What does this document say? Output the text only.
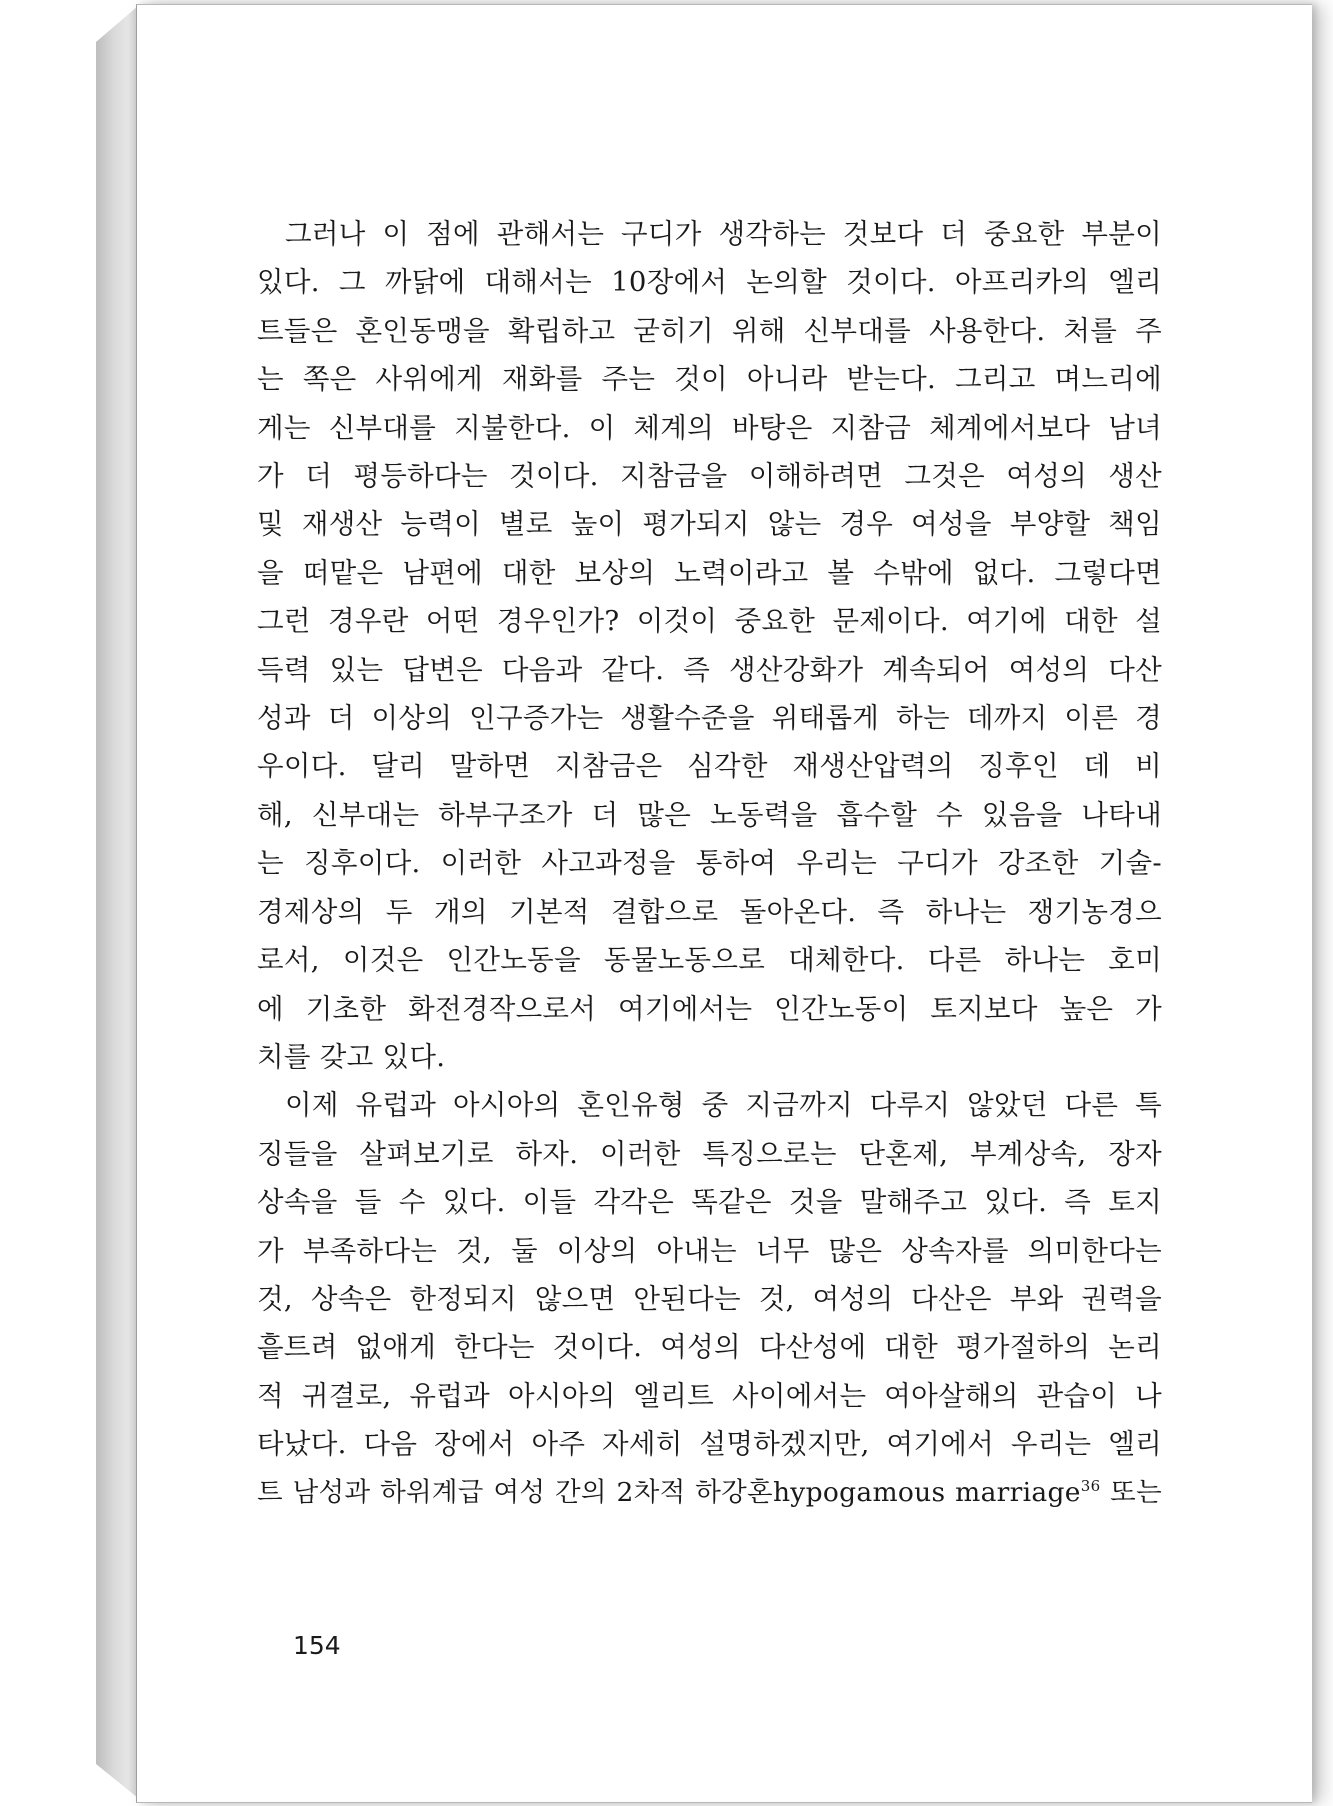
그러나 이 점에 관해서는 구디가 생각하는 것보다 더 중요한 부분이
있다. 그 까닭에 대해서는 10장에서 논의할 것이다. 아프리카의 엘리
트들은 혼인동맹을 확립하고 굳히기 위해 신부대를 사용한다. 처를 주
는 쪽은 사위에게 재화를 주는 것이 아니라 받는다. 그리고 며느리에
게는 신부대를 지불한다. 이 체계의 바탕은 지참금 체계에서보다 남녀
가 더 평등하다는 것이다. 지참금을 이해하려면 그것은 여성의 생산
및 재생산 능력이 별로 높이 평가되지 않는 경우 여성을 부양할 책임
을 떠맡은 남편에 대한 보상의 노력이라고 볼 수밖에 없다. 그렇다면
그런 경우란 어떤 경우인가? 이것이 중요한 문제이다. 여기에 대한 설
득력 있는 답변은 다음과 같다. 즉 생산강화가 계속되어 여성의 다산
성과 더 이상의 인구증가는 생활수준을 위태롭게 하는 데까지 이른 경
우이다. 달리 말하면 지참금은 심각한 재생산압력의 징후인 데 비
해, 신부대는 하부구조가 더 많은 노동력을 흡수할 수 있음을 나타내
는 징후이다. 이러한 사고과정을 통하여 우리는 구디가 강조한 기술-
경제상의 두 개의 기본적 결합으로 돌아온다. 즉 하나는 쟁기농경으
로서, 이것은 인간노동을 동물노동으로 대체한다. 다른 하나는 호미
에 기초한 화전경작으로서 여기에서는 인간노동이 토지보다 높은 가
치를 갖고 있다.

이제 유럽과 아시아의 혼인유형 중 지금까지 다루지 않았던 다른 특
징들을 살펴보기로 하자. 이러한 특징으로는 단혼제, 부계상속, 장자
상속을 들 수 있다. 이들 각각은 똑같은 것을 말해주고 있다. 즉 토지
가 부족하다는 것, 둘 이상의 아내는 너무 많은 상속자를 의미한다는
것, 상속은 한정되지 않으면 안된다는 것, 여성의 다산은 부와 권력을
흩트려 없애게 한다는 것이다. 여성의 다산성에 대한 평가절하의 논리
적 귀결로, 유럽과 아시아의 엘리트 사이에서는 여아살해의 관습이 나
타났다. 다음 장에서 아주 자세히 설명하겠지만, 여기에서 우리는 엘리
트 남성과 하위계급 여성 간의 2차적 하강혼hypogamous marriage$^{36}$ 또는

154
